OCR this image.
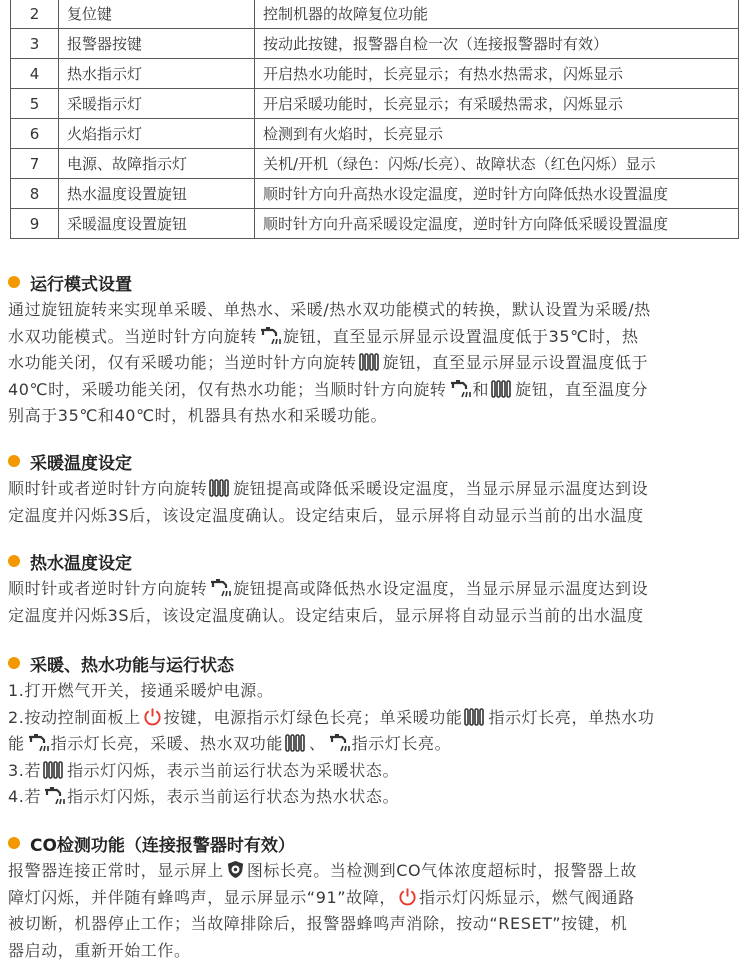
2	复位键	控制机器的故障复位功能
3	报警器按键	按动此按键，报警器自检一次（连接报警器时有效）
4	热水指示灯	开启热水功能时，长亮显示；有热水热需求，闪烁显示
5	采暖指示灯	开启采暖功能时，长亮显示；有采暖热需求，闪烁显示
6	火焰指示灯	检测到有火焰时，长亮显示
7	电源、故障指示灯	关机/开机（绿色：闪烁/长亮）、故障状态（红色闪烁）显示
8	热水温度设置旋钮	顺时针方向升高热水设定温度，逆时针方向降低热水设置温度
9	采暖温度设置旋钮	顺时针方向升高采暖设定温度，逆时针方向降低采暖设置温度
运行模式设置

通过旋钮旋转来实现单采暖、单热水、采暖/热水双功能模式的转换，默认设置为采暖/热
水双功能模式。当逆时针方向旋转 旋钮，直至显示屏显示设置温度低于35℃时，热
水功能关闭，仅有采暖功能；当逆时针方向旋转 旋钮，直至显示屏显示设置温度低于
40℃时，采暖功能关闭，仅有热水功能；当顺时针方向旋转 和 旋钮，直至温度分
别高于35℃和40℃时，机器具有热水和采暖功能。

采暖温度设定

顺时针或者逆时针方向旋转 旋钮提高或降低采暖设定温度，当显示屏显示温度达到设
定温度并闪烁3S后，该设定温度确认。设定结束后，显示屏将自动显示当前的出水温度

热水温度设定

顺时针或者逆时针方向旋转 旋钮提高或降低热水设定温度，当显示屏显示温度达到设
定温度并闪烁3S后，该设定温度确认。设定结束后，显示屏将自动显示当前的出水温度

采暖、热水功能与运行状态

1.打开燃气开关，接通采暖炉电源。
2.按动控制面板上 按键，电源指示灯绿色长亮；单采暖功能 指示灯长亮，单热水功
能 指示灯长亮，采暖、热水双功能 、 指示灯长亮。
3.若 指示灯闪烁，表示当前运行状态为采暖状态。
4.若 指示灯闪烁，表示当前运行状态为热水状态。

CO检测功能（连接报警器时有效）

报警器连接正常时，显示屏上 图标长亮。当检测到CO气体浓度超标时，报警器上故
障灯闪烁，并伴随有蜂鸣声，显示屏显示“91”故障， 指示灯闪烁显示，燃气阀通路
被切断，机器停止工作；当故障排除后，报警器蜂鸣声消除，按动“RESET”按键，机
器启动，重新开始工作。
